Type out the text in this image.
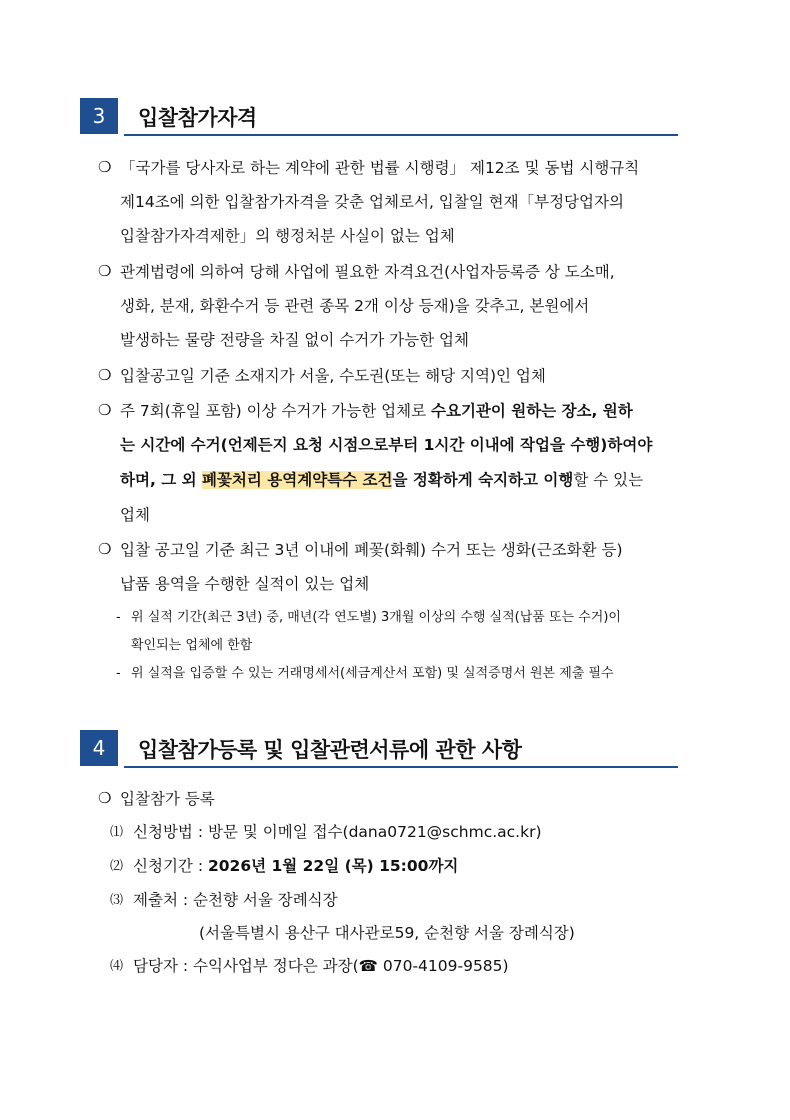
3	입찰참가자격
❍ 「국가를 당사자로 하는 계약에 관한 법률 시행령」 제12조 및 동법 시행규칙
제14조에 의한 입찰참가자격을 갖춘 업체로서, 입찰일 현재「부정당업자의
입찰참가자격제한」의 행정처분 사실이 없는 업체
❍ 관계법령에 의하여 당해 사업에 필요한 자격요건(사업자등록증 상 도소매,
생화, 분재, 화환수거 등 관련 종목 2개 이상 등재)을 갖추고, 본원에서
발생하는 물량 전량을 차질 없이 수거가 가능한 업체
❍ 입찰공고일 기준 소재지가 서울, 수도권(또는 해당 지역)인 업체
❍ 주 7회(휴일 포함) 이상 수거가 가능한 업체로 수요기관이 원하는 장소, 원하
는 시간에 수거(언제든지 요청 시점으로부터 1시간 이내에 작업을 수행)하여야
하며, 그 외 폐꽃처리 용역계약특수 조건을 정확하게 숙지하고 이행할 수 있는
업체
❍ 입찰 공고일 기준 최근 3년 이내에 폐꽃(화훼) 수거 또는 생화(근조화환 등)
납품 용역을 수행한 실적이 있는 업체
- 위 실적 기간(최근 3년) 중, 매년(각 연도별) 3개월 이상의 수행 실적(납품 또는 수거)이
확인되는 업체에 한함
- 위 실적을 입증할 수 있는 거래명세서(세금계산서 포함) 및 실적증명서 원본 제출 필수
4	입찰참가등록 및 입찰관련서류에 관한 사항
❍ 입찰참가 등록
⑴ 신청방법 : 방문 및 이메일 접수(dana0721@schmc.ac.kr)
⑵ 신청기간 : 2026년 1월 22일 (목) 15:00까지
⑶ 제출처 : 순천향 서울 장례식장
(서울특별시 용산구 대사관로59, 순천향 서울 장례식장)
⑷ 담당자 : 수익사업부 정다은 과장(☎ 070-4109-9585)
